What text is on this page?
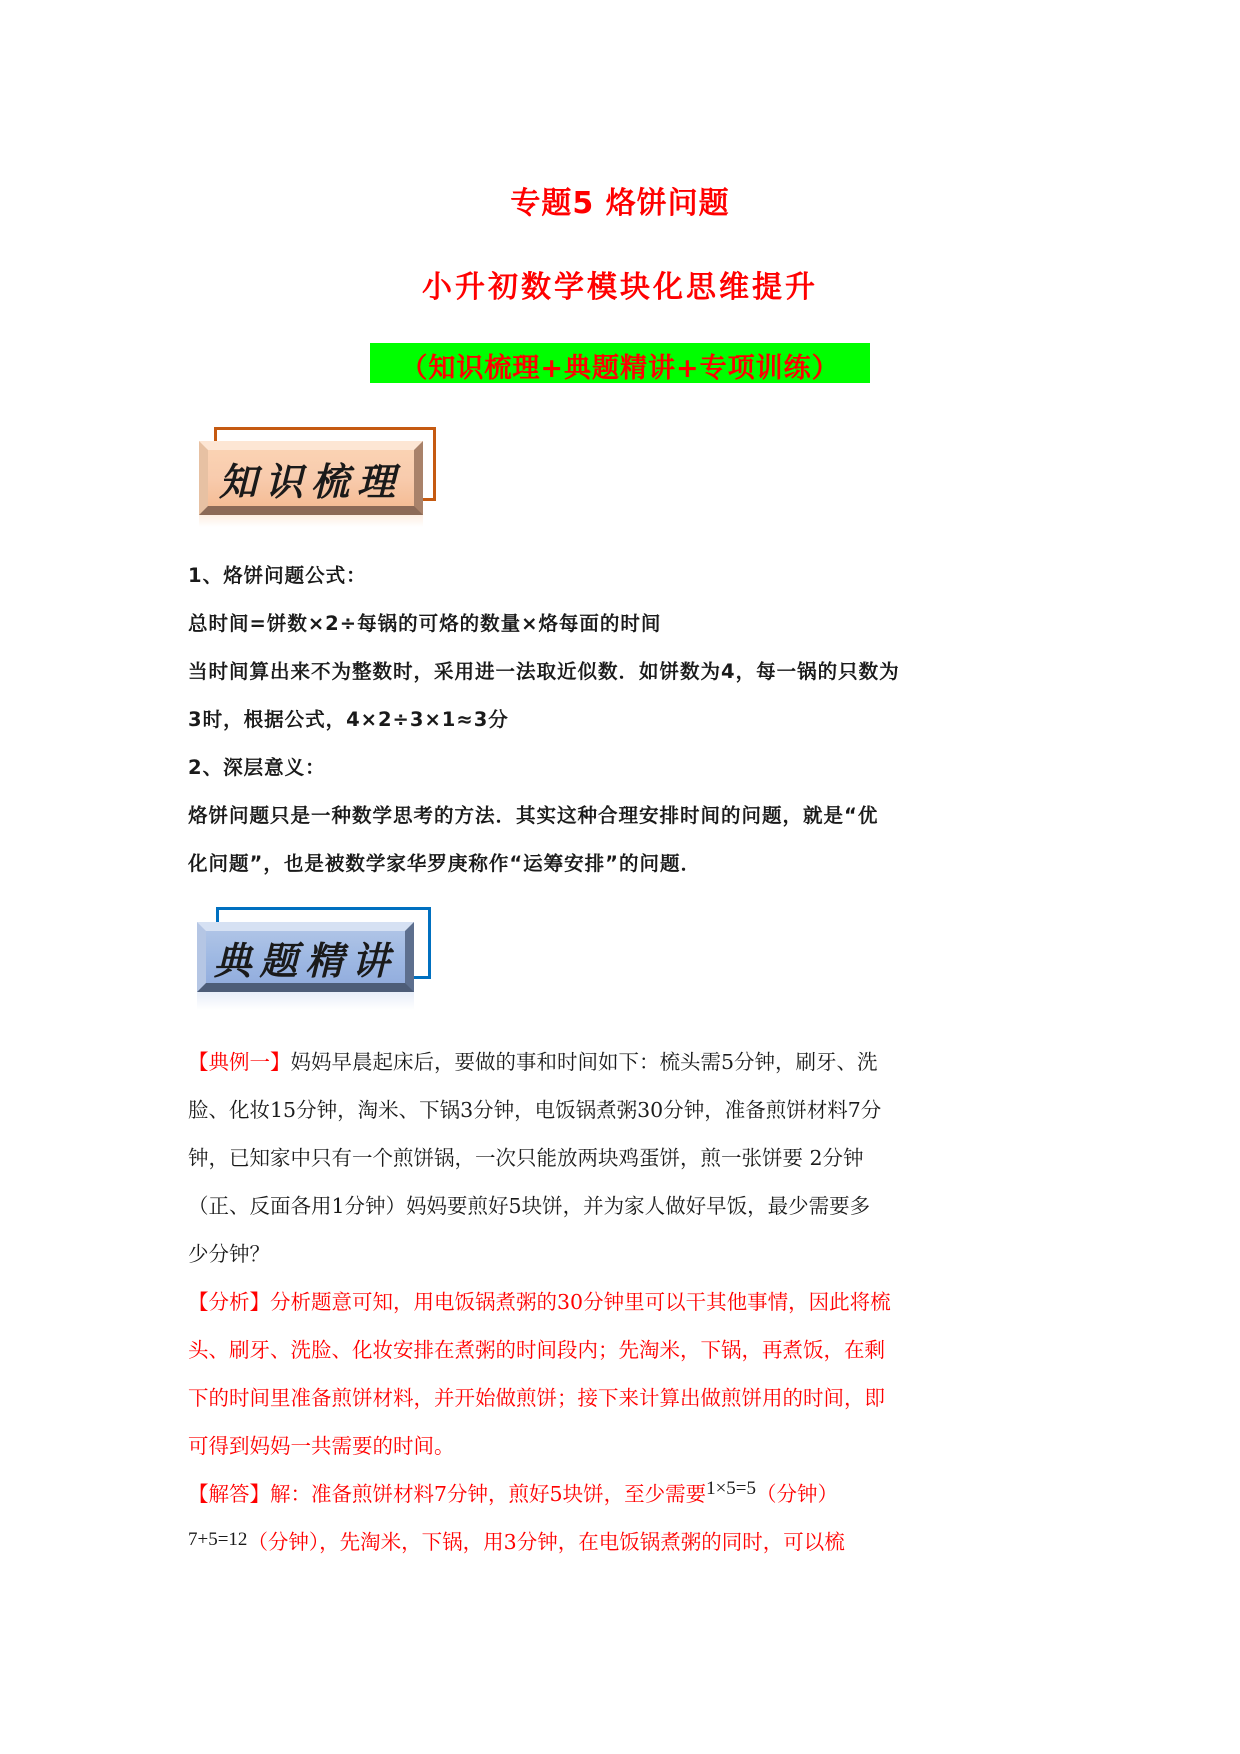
专题5 烙饼问题
小升初数学模块化思维提升
（知识梳理+典题精讲+专项训练）
知识梳理
1、烙饼问题公式：
总时间=饼数×2÷每锅的可烙的数量×烙每面的时间
当时间算出来不为整数时，采用进一法取近似数．如饼数为4，每一锅的只数为
3时，根据公式，4×2÷3×1≈3分
2、深层意义：
烙饼问题只是一种数学思考的方法．其实这种合理安排时间的问题，就是“优
化问题”，也是被数学家华罗庚称作“运筹安排”的问题．
典题精讲
【典例一】妈妈早晨起床后，要做的事和时间如下：梳头需5分钟，刷牙、洗
脸、化妆15分钟，淘米、下锅3分钟，电饭锅煮粥30分钟，准备煎饼材料7分
钟，已知家中只有一个煎饼锅，一次只能放两块鸡蛋饼，煎一张饼要 2分钟
（正、反面各用1分钟）妈妈要煎好5块饼，并为家人做好早饭，最少需要多
少分钟？
【分析】分析题意可知，用电饭锅煮粥的30分钟里可以干其他事情，因此将梳
头、刷牙、洗脸、化妆安排在煮粥的时间段内；先淘米，下锅，再煮饭，在剩
下的时间里准备煎饼材料，并开始做煎饼；接下来计算出做煎饼用的时间，即
可得到妈妈一共需要的时间。
【解答】解：准备煎饼材料7分钟，煎好5块饼，至少需要1×5=5（分钟）
7+5=12（分钟），先淘米，下锅，用3分钟，在电饭锅煮粥的同时，可以梳
